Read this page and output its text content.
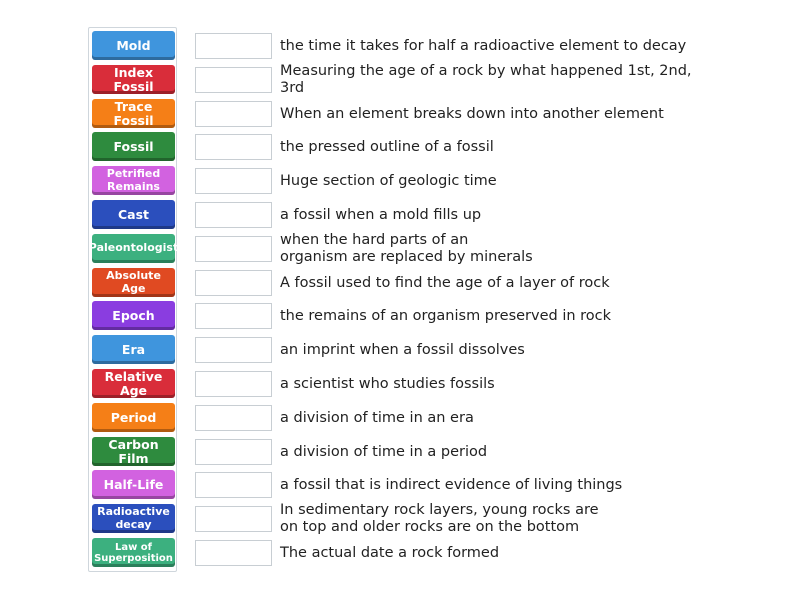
Mold
Index Fossil
Trace Fossil
Fossil
Petrified Remains
Cast
Paleontologist
Absolute Age
Epoch
Era
Relative Age
Period
Carbon Film
Half-Life
Radioactive decay
Law of Superposition
the time it takes for half a radioactive element to decay
Measuring the age of a rock by what happened 1st, 2nd, 3rd
When an element breaks down into another element
the pressed outline of a fossil
Huge section of geologic time
a fossil when a mold fills up
when the hard parts of an
organism are replaced by minerals
A fossil used to find the age of a layer of rock
the remains of an organism preserved in rock
an imprint when a fossil dissolves
a scientist who studies fossils
a division of time in an era
a division of time in a period
a fossil that is indirect evidence of living things
In sedimentary rock layers, young rocks are
on top and older rocks are on the bottom
The actual date a rock formed
